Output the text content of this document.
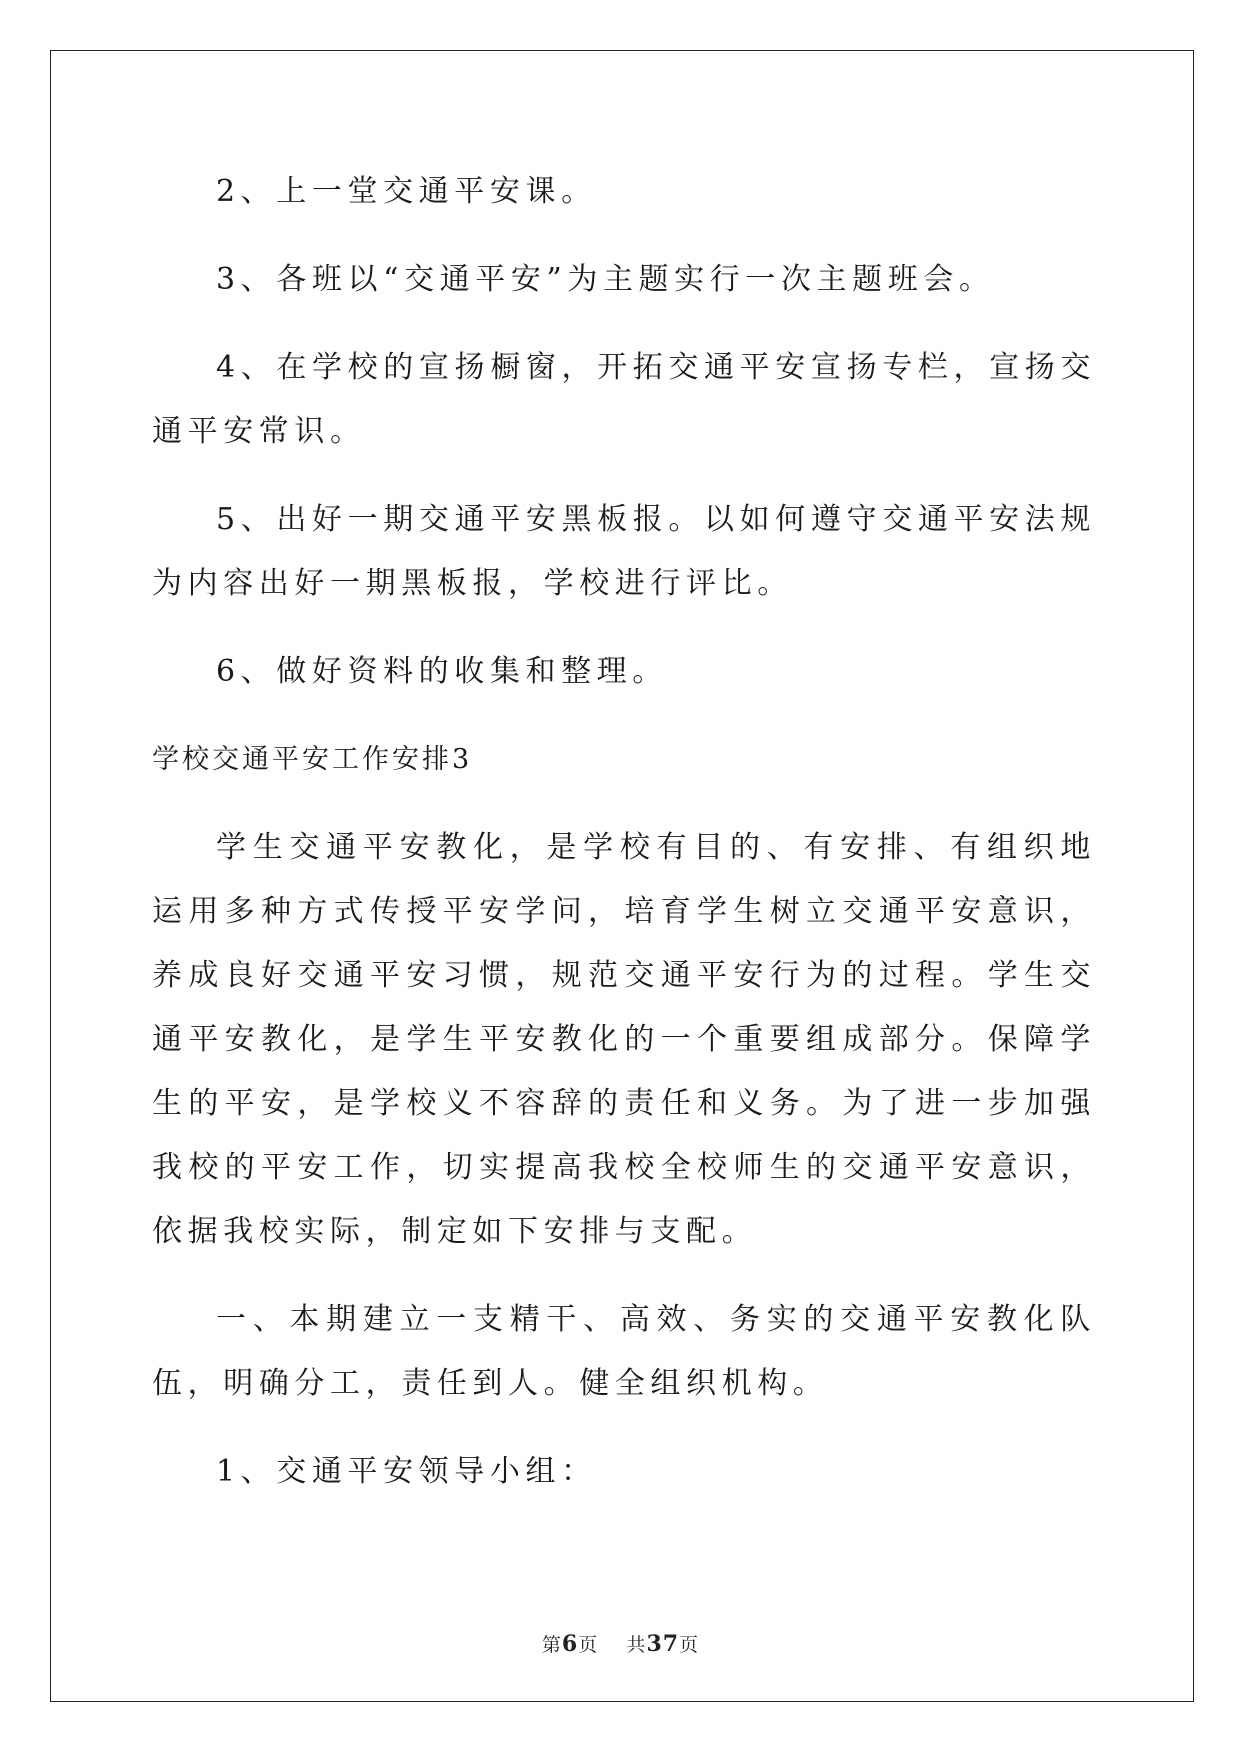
2、上一堂交通平安课。

3、各班以“交通平安”为主题实行一次主题班会。

4、在学校的宣扬橱窗，开拓交通平安宣扬专栏，宣扬交通平安常识。

5、出好一期交通平安黑板报。以如何遵守交通平安法规为内容出好一期黑板报，学校进行评比。

6、做好资料的收集和整理。

学校交通平安工作安排3

学生交通平安教化，是学校有目的、有安排、有组织地运用多种方式传授平安学问，培育学生树立交通平安意识，养成良好交通平安习惯，规范交通平安行为的过程。学生交通平安教化，是学生平安教化的一个重要组成部分。保障学生的平安，是学校义不容辞的责任和义务。为了进一步加强我校的平安工作，切实提高我校全校师生的交通平安意识，依据我校实际，制定如下安排与支配。

一、本期建立一支精干、高效、务实的交通平安教化队伍，明确分工，责任到人。健全组织机构。

1、交通平安领导小组：

第6页 共37页
